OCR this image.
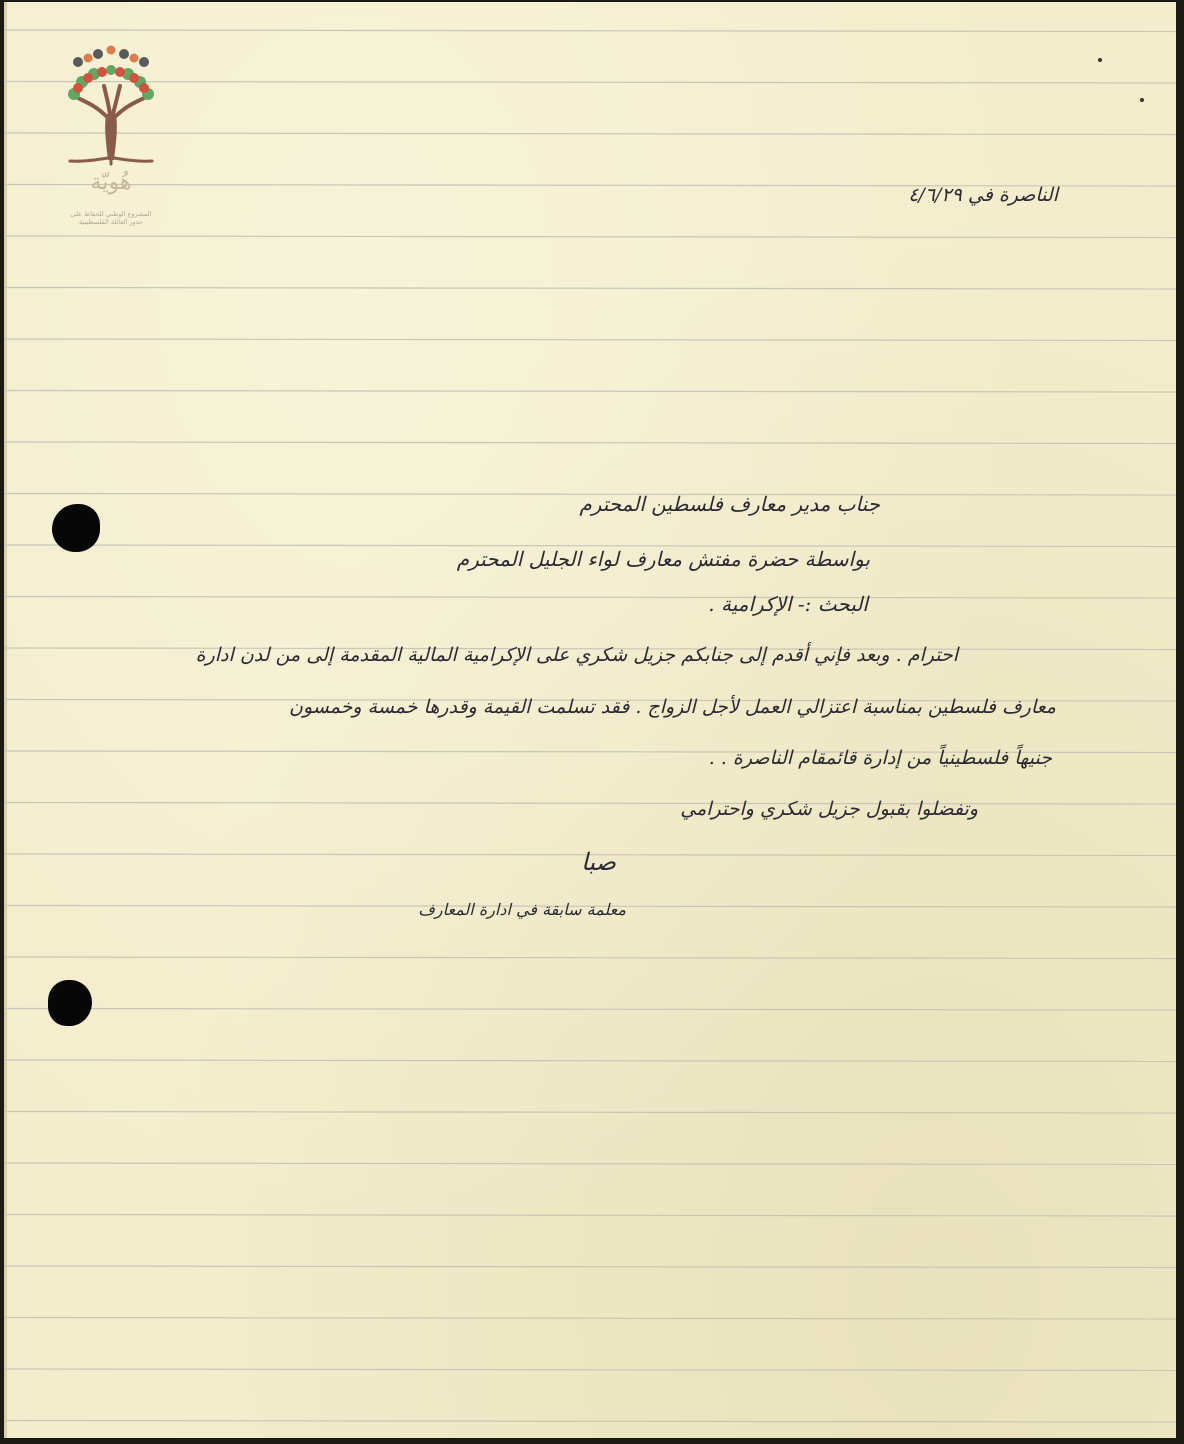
هُويّة
المشروع الوطني للحفاظ على
جذور العائلة الفلسطينية
الناصرة في ٤/٦/٢٩
جناب مدير معارف فلسطين المحترم
بواسطة حضرة مفتش معارف لواء الجليل المحترم
البحث :- الإكرامية .
احترام . وبعد فإني أقدم إلى جنابكم جزيل شكري على الإكرامية المالية المقدمة إلى من لدن ادارة
معارف فلسطين بمناسبة اعتزالي العمل لأجل الزواج . فقد تسلمت القيمة وقدرها خمسة وخمسون
جنيهاً فلسطينياً من إدارة قائمقام الناصرة . .
وتفضلوا بقبول جزيل شكري واحترامي
صبا
معلمة سابقة في ادارة المعارف
